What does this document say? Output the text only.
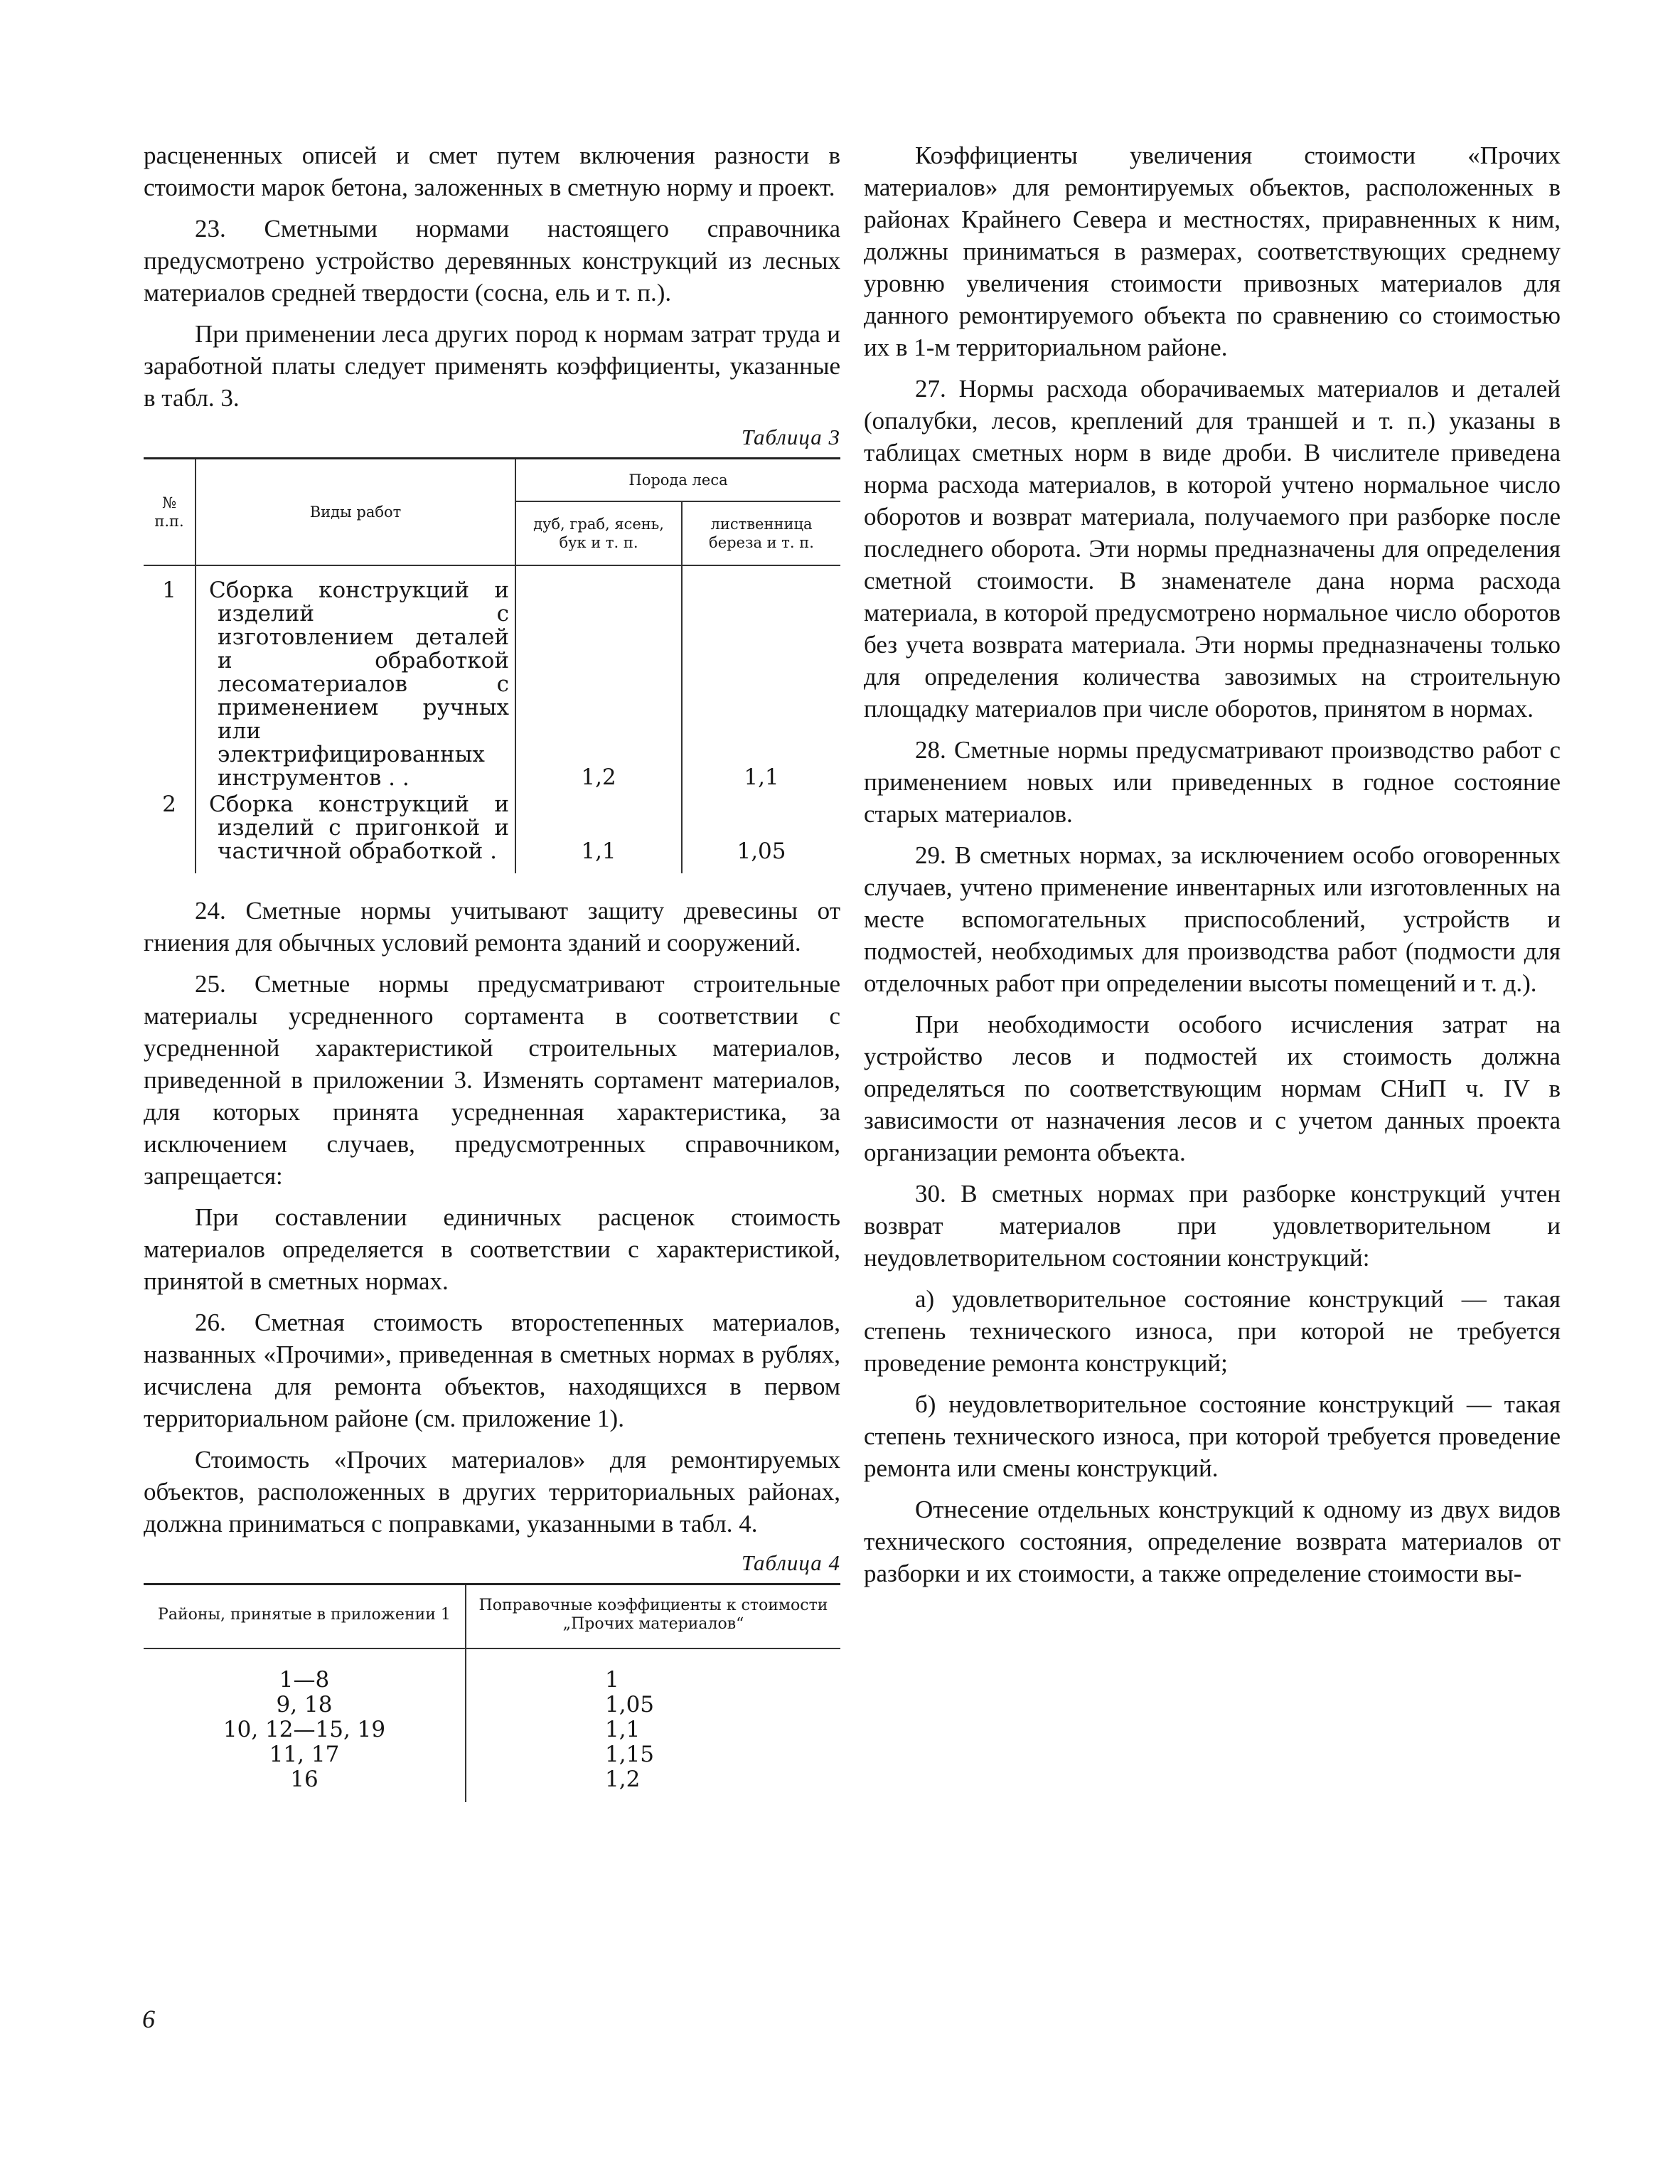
расцененных описей и смет путем включения разности в стоимости марок бетона, заложенных в сметную норму и проект.

23. Сметными нормами настоящего справочника предусмотрено устройство деревянных конструкций из лесных материалов средней твердости (сосна, ель и т. п.).

При применении леса других пород к нормам затрат труда и заработной платы следует применять коэффициенты, указанные в табл. 3.

Таблица 3
№ п.п.	Виды работ	Порода леса	
		дуб, граб, ясень, бук и т. п.	лиственница береза и т. п.
1	Сборка конструкций и изделий с изготовлением деталей и обработкой лесоматериалов с применением ручных или электрифицированных инструментов . .	1,2	1,1
2	Сборка конструкций и изделий с пригонкой и частичной обработкой .	1,1	1,05

24. Сметные нормы учитывают защиту древесины от гниения для обычных условий ремонта зданий и сооружений.

25. Сметные нормы предусматривают строительные материалы усредненного сортамента в соответствии с усредненной характеристикой строительных материалов, приведенной в приложении 3. Изменять сортамент материалов, для которых принята усредненная характеристика, за исключением случаев, предусмотренных справочником, запрещается:

При составлении единичных расценок стоимость материалов определяется в соответствии с характеристикой, принятой в сметных нормах.

26. Сметная стоимость второстепенных материалов, названных «Прочими», приведенная в сметных нормах в рублях, исчислена для ремонта объектов, находящихся в первом территориальном районе (см. приложение 1).

Стоимость «Прочих материалов» для ремонтируемых объектов, расположенных в других территориальных районах, должна приниматься с поправками, указанными в табл. 4.

Таблица 4
Районы, принятые в приложении 1	Поправочные коэффициенты к стоимости „Прочих материалов“
1—8	1
9, 18	1,05
10, 12—15, 19	1,1
11, 17	1,15
16	1,2

Коэффициенты увеличения стоимости «Прочих материалов» для ремонтируемых объектов, расположенных в районах Крайнего Севера и местностях, приравненных к ним, должны приниматься в размерах, соответствующих среднему уровню увеличения стоимости привозных материалов для данного ремонтируемого объекта по сравнению со стоимостью их в 1-м территориальном районе.

27. Нормы расхода оборачиваемых материалов и деталей (опалубки, лесов, креплений для траншей и т. п.) указаны в таблицах сметных норм в виде дроби. В числителе приведена норма расхода материалов, в которой учтено нормальное число оборотов и возврат материала, получаемого при разборке после последнего оборота. Эти нормы предназначены для определения сметной стоимости. В знаменателе дана норма расхода материала, в которой предусмотрено нормальное число оборотов без учета возврата материала. Эти нормы предназначены только для определения количества завозимых на строительную площадку материалов при числе оборотов, принятом в нормах.

28. Сметные нормы предусматривают производство работ с применением новых или приведенных в годное состояние старых материалов.

29. В сметных нормах, за исключением особо оговоренных случаев, учтено применение инвентарных или изготовленных на месте вспомогательных приспособлений, устройств и подмостей, необходимых для производства работ (подмости для отделочных работ при определении высоты помещений и т. д.).

При необходимости особого исчисления затрат на устройство лесов и подмостей их стоимость должна определяться по соответствующим нормам СНиП ч. IV в зависимости от назначения лесов и с учетом данных проекта организации ремонта объекта.

30. В сметных нормах при разборке конструкций учтен возврат материалов при удовлетворительном и неудовлетворительном состоянии конструкций:

а) удовлетворительное состояние конструкций — такая степень технического износа, при которой не требуется проведение ремонта конструкций;

б) неудовлетворительное состояние конструкций — такая степень технического износа, при которой требуется проведение ремонта или смены конструкций.

Отнесение отдельных конструкций к одному из двух видов технического состояния, определение возврата материалов от разборки и их стоимости, а также определение стоимости вы-

6
